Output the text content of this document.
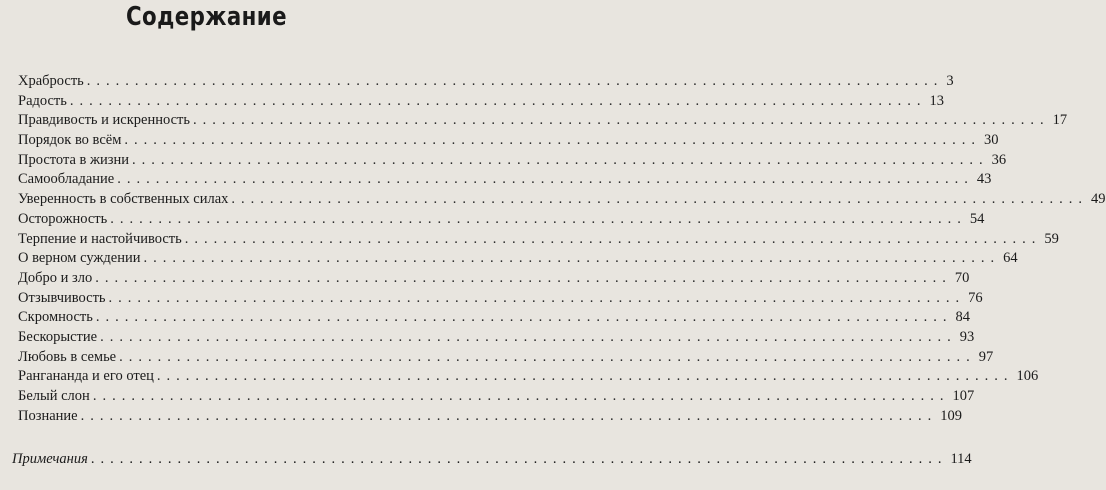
Содержание
Храбрость ......................................................................................... 3
Радость ......................................................................................... 13
Правдивость и искренность ......................................................................................... 17
Порядок во всём ......................................................................................... 30
Простота в жизни ......................................................................................... 36
Самообладание ......................................................................................... 43
Уверенность в собственных силах ......................................................................................... 49
Осторожность ......................................................................................... 54
Терпение и настойчивость ......................................................................................... 59
О верном суждении ......................................................................................... 64
Добро и зло ......................................................................................... 70
Отзывчивость ......................................................................................... 76
Скромность ......................................................................................... 84
Бескорыстие ......................................................................................... 93
Любовь в семье ......................................................................................... 97
Рангананда и его отец ......................................................................................... 106
Белый слон ......................................................................................... 107
Познание ......................................................................................... 109
Примечания ......................................................................................... 114
